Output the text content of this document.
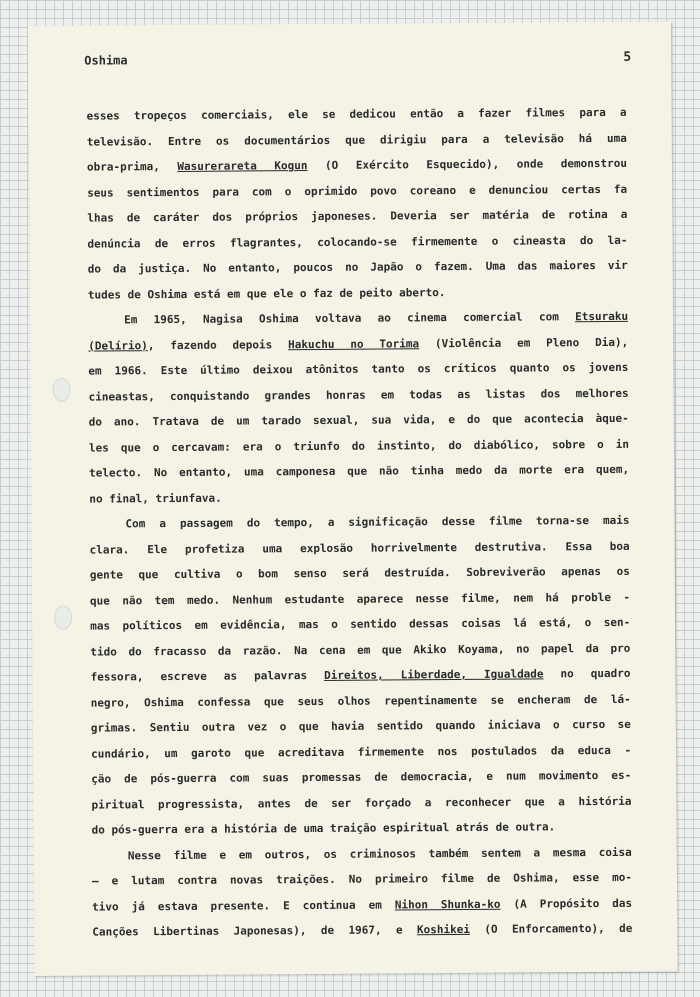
Oshima	5
esses tropeços comerciais, ele se dedicou então a fazer filmes para a
televisão. Entre os documentários que dirigiu para a televisão há uma
obra-prima, Wasurerareta Kogun (O Exército Esquecido), onde demonstrou
seus sentimentos para com o oprimido povo coreano e denunciou certas fa
lhas de caráter dos próprios japoneses. Deveria ser matéria de rotina a
denúncia de erros flagrantes, colocando-se firmemente o cineasta do la-
do da justiça. No entanto, poucos no Japão o fazem. Uma das maiores vir
tudes de Oshima está em que ele o faz de peito aberto.
Em 1965, Nagisa Oshima voltava ao cinema comercial com Etsuraku
(Delírio), fazendo depois Hakuchu no Torima (Violência em Pleno Dia),
em 1966. Este último deixou atônitos tanto os críticos quanto os jovens
cineastas, conquistando grandes honras em todas as listas dos melhores
do ano. Tratava de um tarado sexual, sua vida, e do que acontecia àque-
les que o cercavam: era o triunfo do instinto, do diabólico, sobre o in
telecto. No entanto, uma camponesa que não tinha medo da morte era quem,
no final, triunfava.
Com a passagem do tempo, a significação desse filme torna-se mais
clara. Ele profetiza uma explosão horrivelmente destrutiva. Essa boa
gente que cultiva o bom senso será destruída. Sobreviverão apenas os
que não tem medo. Nenhum estudante aparece nesse filme, nem há proble -
mas políticos em evidência, mas o sentido dessas coisas lá está, o sen-
tido do fracasso da razão. Na cena em que Akiko Koyama, no papel da pro
fessora, escreve as palavras Direitos, Liberdade, Igualdade no quadro
negro, Oshima confessa que seus olhos repentinamente se encheram de lá-
grimas. Sentiu outra vez o que havia sentido quando iniciava o curso se
cundário, um garoto que acreditava firmemente nos postulados da educa -
ção de pós-guerra com suas promessas de democracia, e num movimento es-
piritual progressista, antes de ser forçado a reconhecer que a história
do pós-guerra era a história de uma traição espiritual atrás de outra.
Nesse filme e em outros, os criminosos também sentem a mesma coisa
— e lutam contra novas traições. No primeiro filme de Oshima, esse mo-
tivo já estava presente. E continua em Nihon Shunka-ko (A Propósito das
Canções Libertinas Japonesas), de 1967, e Koshikei (O Enforcamento), de
